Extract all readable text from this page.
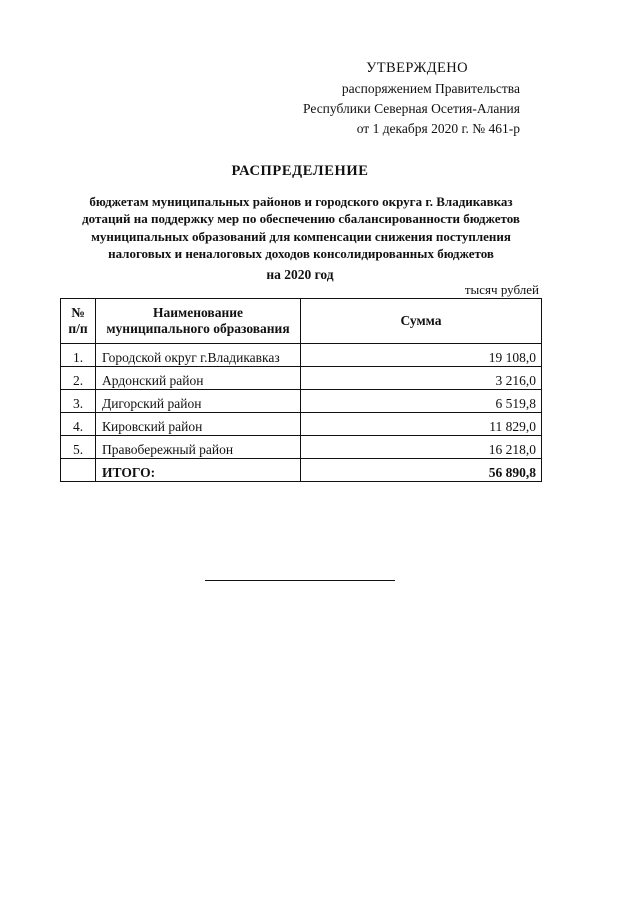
УТВЕРЖДЕНО
распоряжением Правительства
Республики Северная Осетия-Алания
от 1 декабря 2020 г. № 461-р
РАСПРЕДЕЛЕНИЕ
бюджетам муниципальных районов и городского округа г. Владикавказ
дотаций на поддержку мер по обеспечению сбалансированности бюджетов
муниципальных образований для компенсации снижения поступления
налоговых и неналоговых доходов консолидированных бюджетов
на 2020 год
тысяч рублей
№ п/п	Наименование муниципального образования	Сумма
1.	Городской округ г.Владикавказ	19 108,0
2.	Ардонский район	3 216,0
3.	Дигорский район	6 519,8
4.	Кировский район	11 829,0
5.	Правобережный район	16 218,0
	ИТОГО:	56 890,8
